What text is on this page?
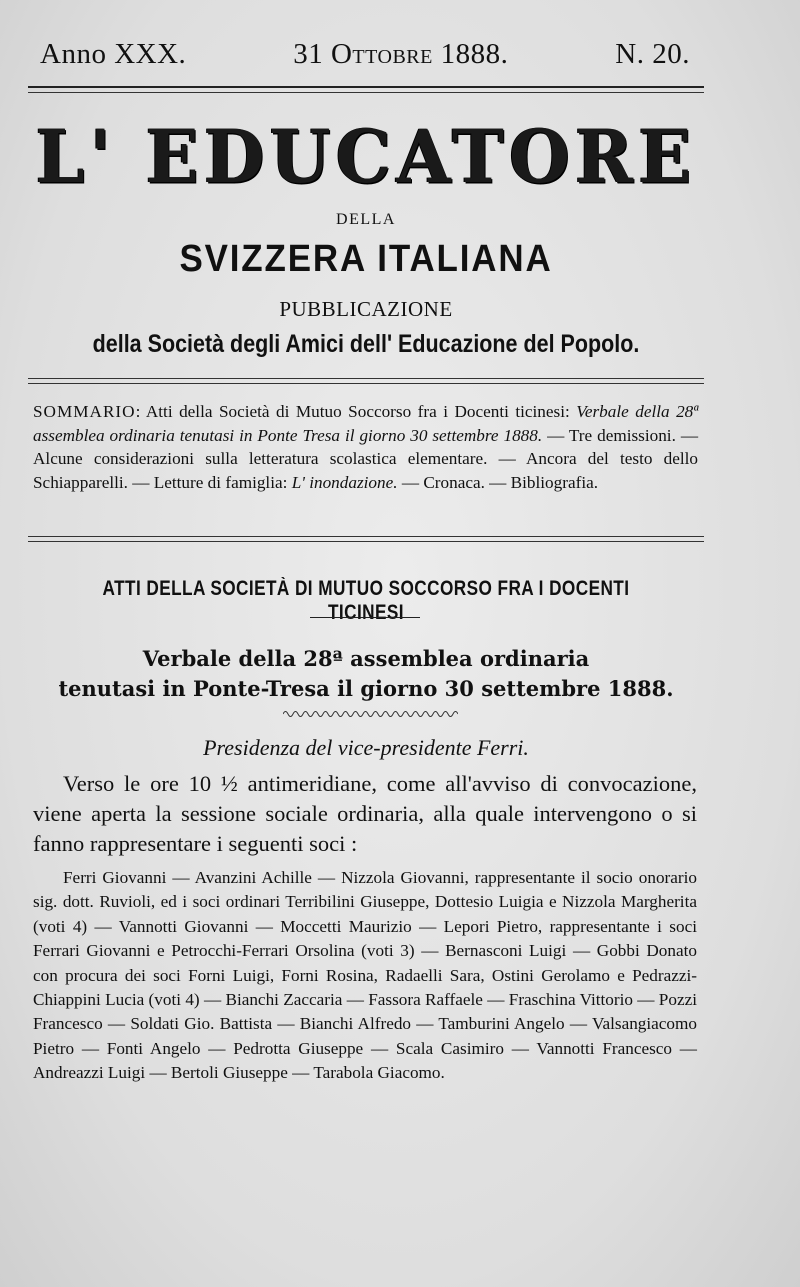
Anno XXX.	31 Ottobre 1888.	N. 20.
L' EDUCATORE
DELLA
SVIZZERA ITALIANA
PUBBLICAZIONE
della Società degli Amici dell' Educazione del Popolo.
SOMMARIO: Atti della Società di Mutuo Soccorso fra i Docenti ticinesi: Verbale della 28ª assemblea ordinaria tenutasi in Ponte Tresa il giorno 30 settembre 1888. — Tre demissioni. — Alcune considerazioni sulla letteratura scolastica elementare. — Ancora del testo dello Schiapparelli. — Letture di famiglia: L' inondazione. — Cronaca. — Bibliografia.
ATTI DELLA SOCIETÀ DI MUTUO SOCCORSO FRA I DOCENTI TICINESI
Verbale della 28ª assemblea ordinaria
tenutasi in Ponte-Tresa il giorno 30 settembre 1888.
Presidenza del vice-presidente Ferri.

Verso le ore 10 ½ antimeridiane, come all'avviso di convocazione, viene aperta la sessione sociale ordinaria, alla quale intervengono o si fanno rappresentare i seguenti soci :

Ferri Giovanni — Avanzini Achille — Nizzola Giovanni, rappresentante il socio onorario sig. dott. Ruvioli, ed i soci ordinari Terribilini Giuseppe, Dottesio Luigia e Nizzola Margherita (voti 4) — Vannotti Giovanni — Moccetti Maurizio — Lepori Pietro, rappresentante i soci Ferrari Giovanni e Petrocchi-Ferrari Orsolina (voti 3) — Bernasconi Luigi — Gobbi Donato con procura dei soci Forni Luigi, Forni Rosina, Radaelli Sara, Ostini Gerolamo e Pedrazzi-Chiappini Lucia (voti 4) — Bianchi Zaccaria — Fassora Raffaele — Fraschina Vittorio — Pozzi Francesco — Soldati Gio. Battista — Bianchi Alfredo — Tamburini Angelo — Valsangiacomo Pietro — Fonti Angelo — Pedrotta Giuseppe — Scala Casimiro — Vannotti Francesco — Andreazzi Luigi — Bertoli Giuseppe — Tarabola Giacomo.
